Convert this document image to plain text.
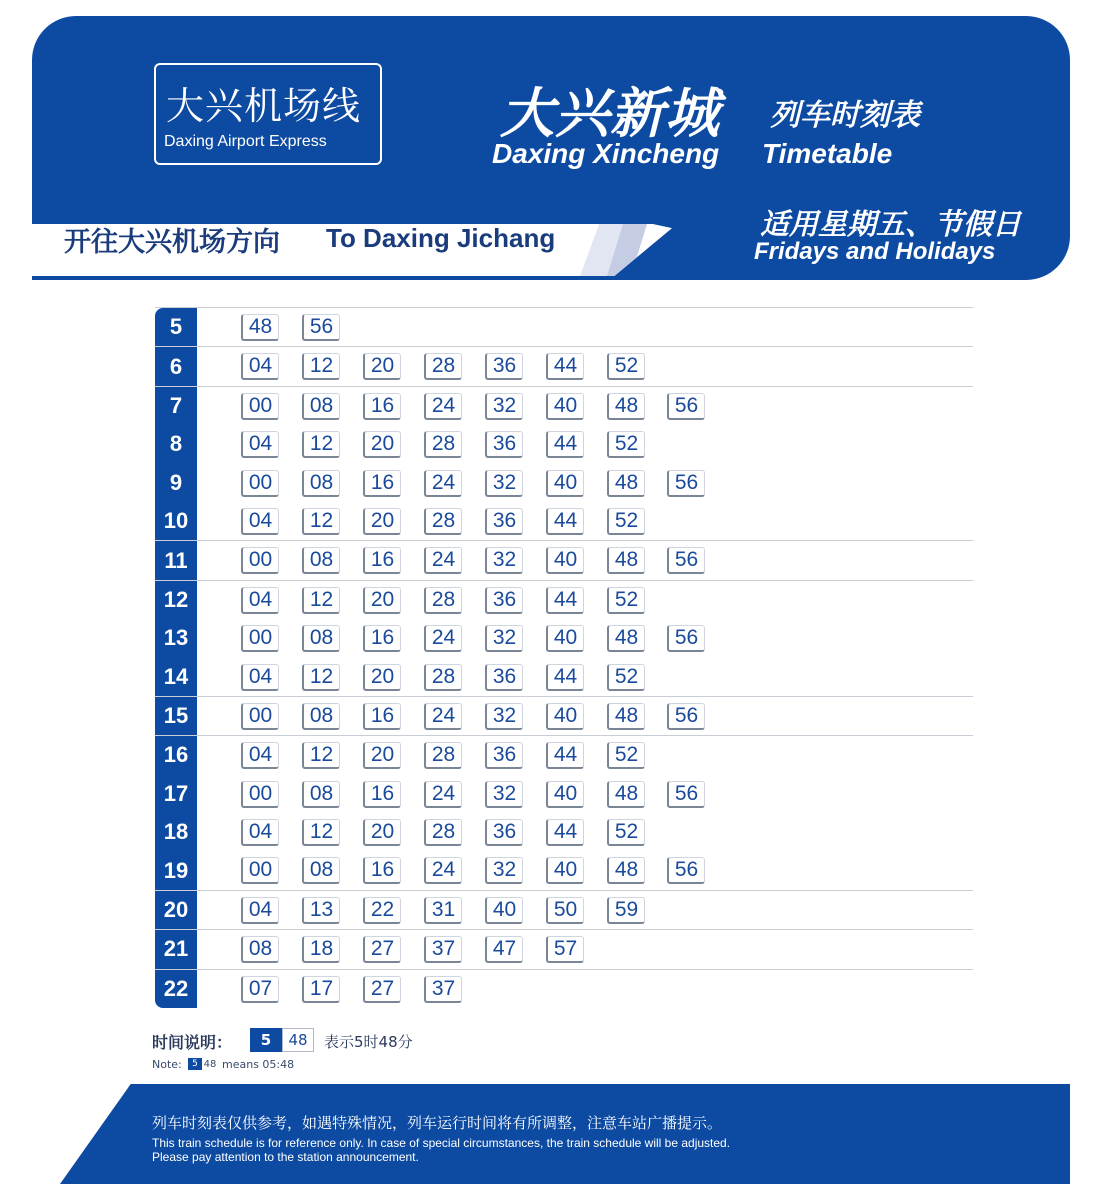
大兴机场线
Daxing Airport Express	大兴新城 列车时刻表
Daxing Xincheng Timetable
开往大兴机场方向 To Daxing Jichang	适用星期五、节假日
Fridays and Holidays
5	48	56
6	04	12	20	28	36	44	52
7	00	08	16	24	32	40	48	56
8	04	12	20	28	36	44	52
9	00	08	16	24	32	40	48	56
10	04	12	20	28	36	44	52
11	00	08	16	24	32	40	48	56
12	04	12	20	28	36	44	52
13	00	08	16	24	32	40	48	56
14	04	12	20	28	36	44	52
15	00	08	16	24	32	40	48	56
16	04	12	20	28	36	44	52
17	00	08	16	24	32	40	48	56
18	04	12	20	28	36	44	52
19	00	08	16	24	32	40	48	56
20	04	13	22	31	40	50	59
21	08	18	27	37	47	57
22	07	17	27	37
时间说明：	5	48	表示5时48分
Note:	5 48 means 05:48
列车时刻表仅供参考，如遇特殊情况，列车运行时间将有所调整，注意车站广播提示。
This train schedule is for reference only. In case of special circumstances, the train schedule will be adjusted.
Please pay attention to the station announcement.
